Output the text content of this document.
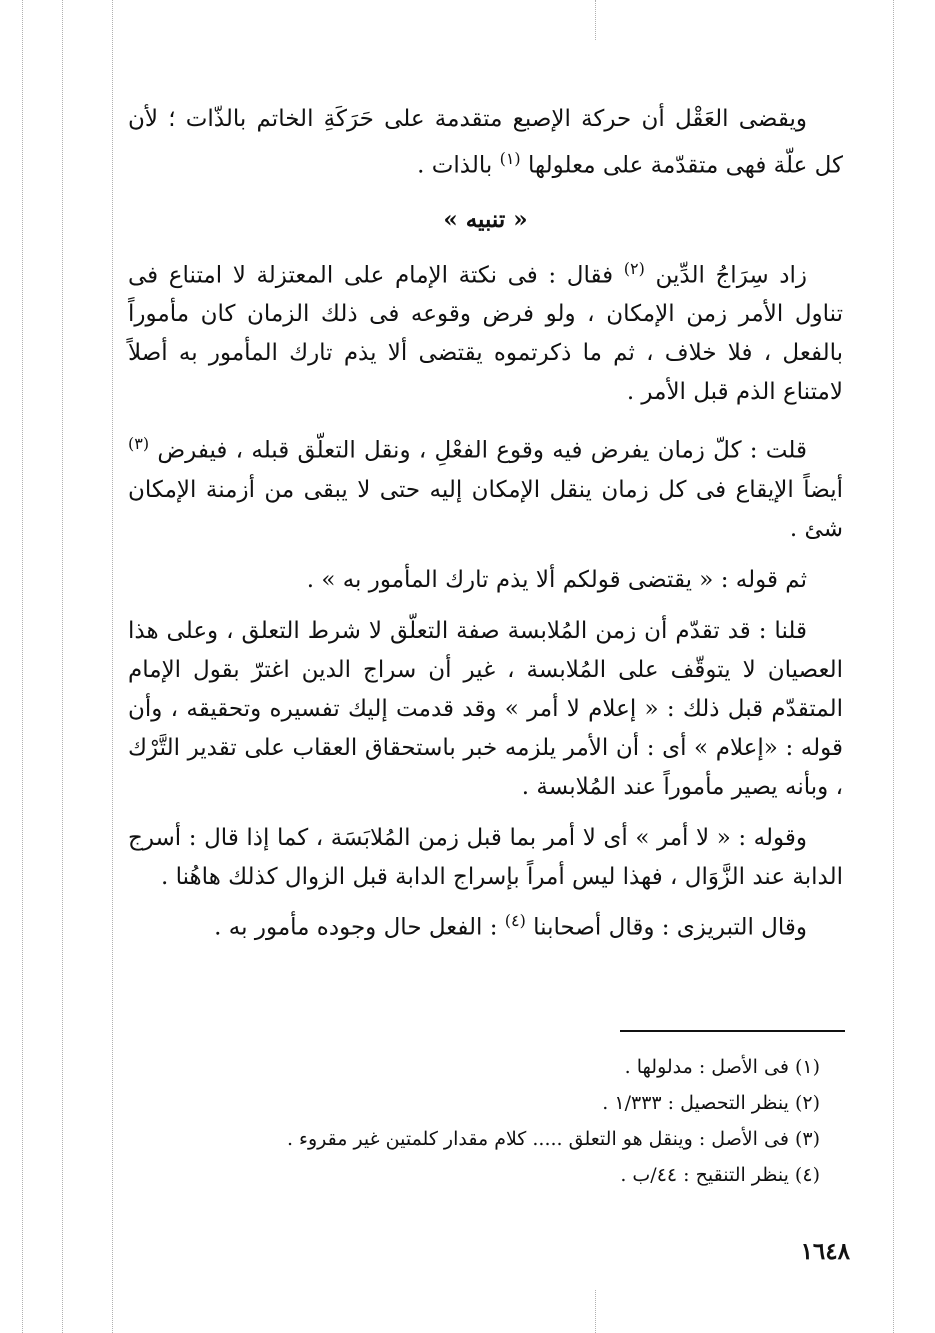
ويقضى العَقْل أن حركة الإصبع متقدمة على حَرَكَةِ الخاتم بالذّات ؛ لأن كل علّة فهى متقدّمة على معلولها $^{(١)}$ بالذات .

« تنبيه »

زاد سِرَاجُ الدِّين $^{(٢)}$ فقال : فى نكتة الإمام على المعتزلة لا امتناع فى تناول الأمر زمن الإمكان ، ولو فرض وقوعه فى ذلك الزمان كان مأموراً بالفعل ، فلا خلاف ، ثم ما ذكرتموه يقتضى ألا يذم تارك المأمور به أصلاً لامتناع الذم قبل الأمر .

قلت : كلّ زمان يفرض فيه وقوع الفعْلِ ، ونقل التعلّق قبله ، فيفرض $^{(٣)}$ أيضاً الإيقاع فى كل زمان ينقل الإمكان إليه حتى لا يبقى من أزمنة الإمكان شئ .

ثم قوله : « يقتضى قولكم ألا يذم تارك المأمور به » .

قلنا : قد تقدّم أن زمن المُلابسة صفة التعلّق لا شرط التعلق ، وعلى هذا العصيان لا يتوقّف على المُلابسة ، غير أن سراج الدين اغترّ بقول الإمام المتقدّم قبل ذلك : « إعلام لا أمر » وقد قدمت إليك تفسيره وتحقيقه ، وأن قوله : «إعلام » أى : أن الأمر يلزمه خبر باستحقاق العقاب على تقدير التَّرْك ، وبأنه يصير مأموراً عند المُلابسة .

وقوله : « لا أمر » أى لا أمر بما قبل زمن المُلابَسَة ، كما إذا قال : أسرج الدابة عند الزَّوَال ، فهذا ليس أمراً بإسراج الدابة قبل الزوال كذلك هاهُنا .

وقال التبريزى : وقال أصحابنا $^{(٤)}$ : الفعل حال وجوده مأمور به .

(١) فى الأصل : مدلولها .

(٢) ينظر التحصيل : ١/٣٣٣ .

(٣) فى الأصل : وينقل هو التعلق ..... كلام مقدار كلمتين غير مقروء .

(٤) ينظر التنقيح : ٤٤/ب .

١٦٤٨
